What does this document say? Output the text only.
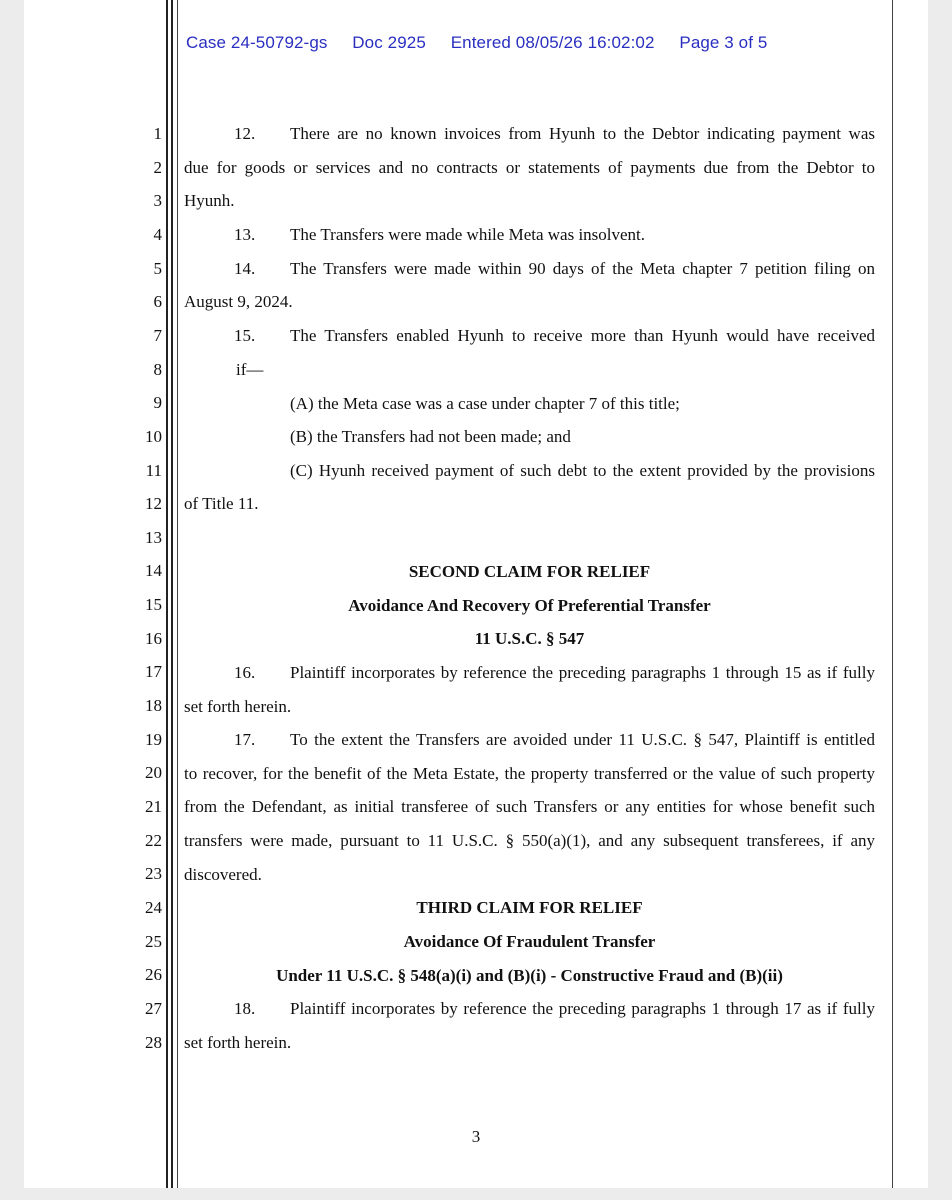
Case 24-50792-gs Doc 2925 Entered 08/05/26 16:02:02 Page 3 of 5
1
2
3
4
5
6
7
8
9
10
11
12
13
14
15
16
17
18
19
20
21
22
23
24
25
26
27
28
12. There are no known invoices from Hyunh to the Debtor indicating payment was
due for goods or services and no contracts or statements of payments due from the Debtor to
Hyunh.
13. The Transfers were made while Meta was insolvent.
14. The Transfers were made within 90 days of the Meta chapter 7 petition filing on
August 9, 2024.
15. The Transfers enabled Hyunh to receive more than Hyunh would have received
if—
(A) the Meta case was a case under chapter 7 of this title;
(B) the Transfers had not been made; and
(C) Hyunh received payment of such debt to the extent provided by the provisions
of Title 11.
SECOND CLAIM FOR RELIEF
Avoidance And Recovery Of Preferential Transfer
11 U.S.C. § 547
16. Plaintiff incorporates by reference the preceding paragraphs 1 through 15 as if fully
set forth herein.
17. To the extent the Transfers are avoided under 11 U.S.C. § 547, Plaintiff is entitled
to recover, for the benefit of the Meta Estate, the property transferred or the value of such property
from the Defendant, as initial transferee of such Transfers or any entities for whose benefit such
transfers were made, pursuant to 11 U.S.C. § 550(a)(1), and any subsequent transferees, if any
discovered.
THIRD CLAIM FOR RELIEF
Avoidance Of Fraudulent Transfer
Under 11 U.S.C. § 548(a)(i) and (B)(i) - Constructive Fraud and (B)(ii)
18. Plaintiff incorporates by reference the preceding paragraphs 1 through 17 as if fully
set forth herein.
3
